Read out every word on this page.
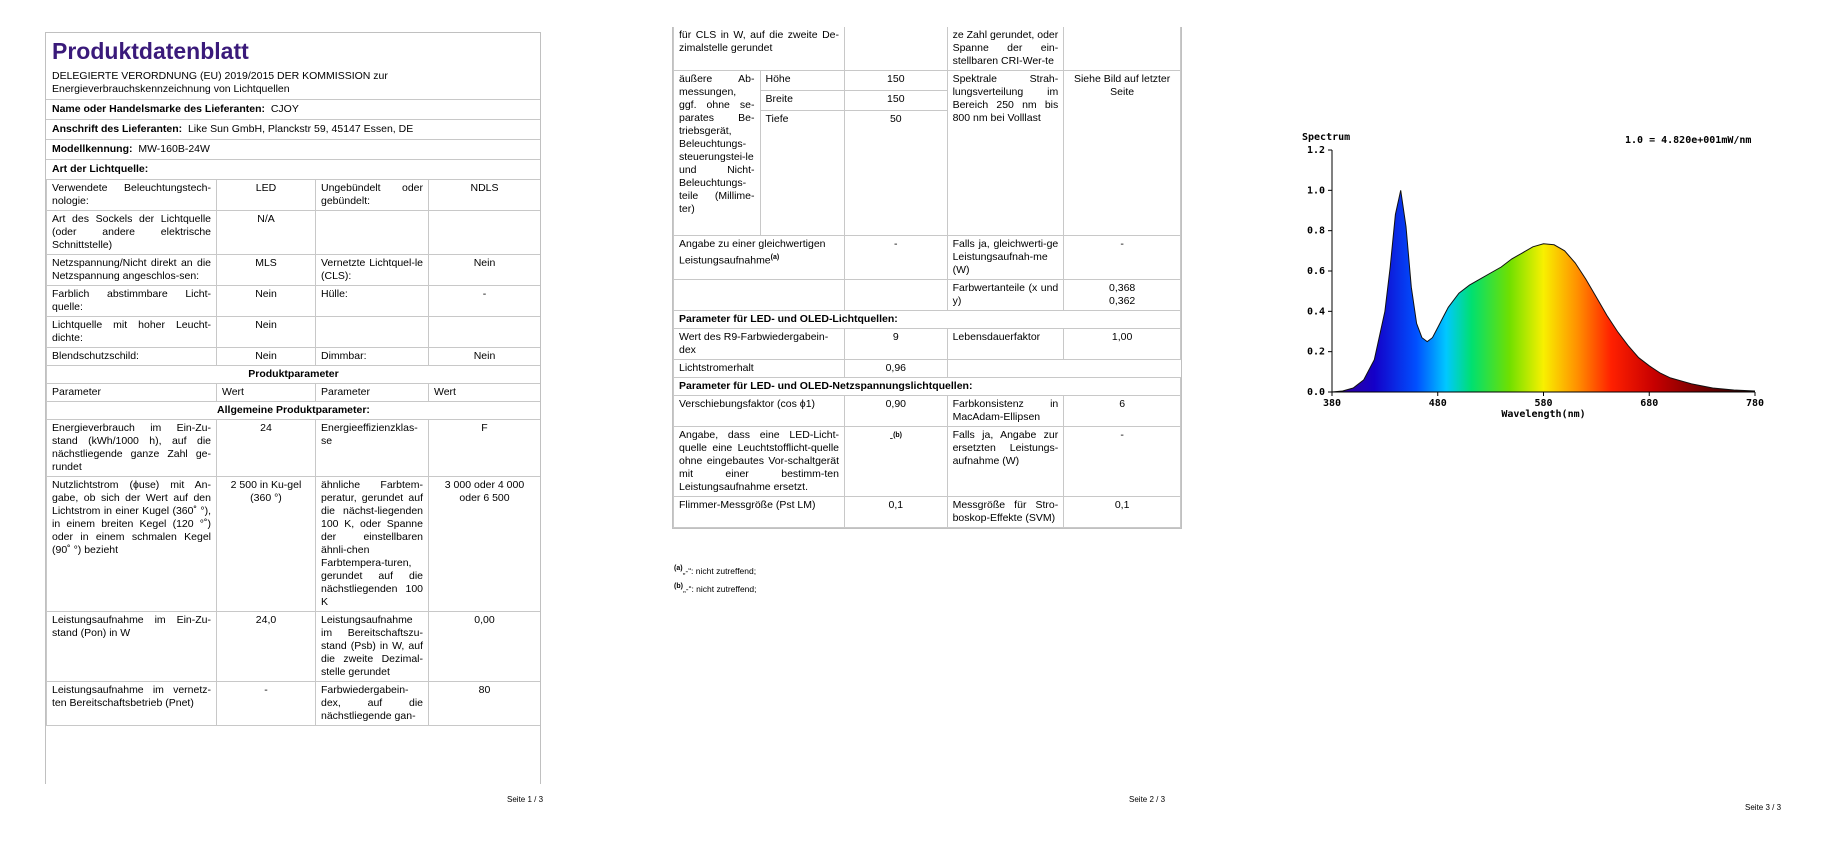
Produktdatenblatt
DELEGIERTE VERORDNUNG (EU) 2019/2015 DER KOMMISSION zur Energieverbrauchskennzeichnung von Lichtquellen
Name oder Handelsmarke des Lieferanten: CJOY
Anschrift des Lieferanten: Like Sun GmbH, Planckstr 59, 45147 Essen, DE
Modellkennung: MW-160B-24W
Art der Lichtquelle:
Verwendete Beleuchtungstech-nologie:	LED	Ungebündelt oder gebündelt:	NDLS
Art des Sockels der Lichtquelle (oder andere elektrische Schnittstelle)	N/A		
Netzspannung/Nicht direkt an die Netzspannung angeschlos-sen:	MLS	Vernetzte Lichtquel-le (CLS):	Nein
Farblich abstimmbare Licht-quelle:	Nein	Hülle:	-
Lichtquelle mit hoher Leucht-dichte:	Nein		
Blendschutzschild:	Nein	Dimmbar:	Nein
Produktparameter			
Parameter	Wert	Parameter	Wert
Allgemeine Produktparameter:			
Energieverbrauch im Ein-Zu-stand (kWh/1000 h), auf die nächstliegende ganze Zahl ge-rundet	24	Energieeffizienzklas-se	F
Nutzlichtstrom (ϕuse) mit An-gabe, ob sich der Wert auf den Lichtstrom in einer Kugel (360˚ °), in einem breiten Kegel (120 °˚) oder in einem schmalen Kegel (90˚ °) bezieht	2 500 in Ku-gel (360 °)	ähnliche Farbtem-peratur, gerundet auf die nächst-liegenden 100 K, oder Spanne der einstellbaren ähnli-chen Farbtempera-turen, gerundet auf die nächstliegenden 100 K	3 000 oder 4 000 oder 6 500
Leistungsaufnahme im Ein-Zu-stand (Pon) in W	24,0	Leistungsaufnahme im Bereitschaftszu-stand (Psb) in W, auf die zweite Dezimal-stelle gerundet	0,00
Leistungsaufnahme im vernetz-ten Bereitschaftsbetrieb (Pnet)	-	Farbwiedergabein-dex, auf die nächstliegende gan-	80
Seite 1 / 3
für CLS in W, auf die zweite De-zimalstelle gerundet			ze Zahl gerundet, oder Spanne der ein-stellbaren CRI-Wer-te	
äußere Ab-messungen, ggf. ohne se-parates Be-triebsgerät, Beleuchtungs-steuerungstei-le und Nicht-Beleuchtungs-teile (Millime-ter)	Höhe	150	Spektrale Strah-lungsverteilung im Bereich 250 nm bis 800 nm bei Volllast	Siehe Bild auf letzter Seite
	Breite	150		
	Tiefe	50		
Angabe zu einer gleichwertigen Leistungsaufnahme$^{(a)}$		-	Falls ja, gleichwerti-ge Leistungsaufnah-me (W)	-
			Farbwertanteile (x und y)	0,368
0,362

Parameter für LED- und OLED-Lichtquellen:				
Wert des R9-Farbwiedergabein-dex		9	Lebensdauerfaktor	1,00
Lichtstromerhalt		0,96		
Parameter für LED- und OLED-Netzspannungslichtquellen:				
Verschiebungsfaktor (cos ϕ1)		0,90	Farbkonsistenz in MacAdam-Ellipsen	6
Angabe, dass eine LED-Licht-quelle eine Leuchtstofflicht-quelle ohne eingebautes Vor-schaltgerät mit einer bestimm-ten Leistungsaufnahme ersetzt.		-$^{(b)}$	Falls ja, Angabe zur ersetzten Leistungs-aufnahme (W)	-
Flimmer-Messgröße (Pst LM)		0,1	Messgröße für Stro-boskop-Effekte (SVM)	0,1
$^{(a)}$„-“: nicht zutreffend;
$^{(b)}$„-“: nicht zutreffend;
Seite 2 / 3
0.0
0.2
0.4
0.6
0.8
1.0
1.2
380	480	580	680	780
Spectrum	1.0 = 4.820e+001mW/nm
Wavelength(nm)
Seite 3 / 3
